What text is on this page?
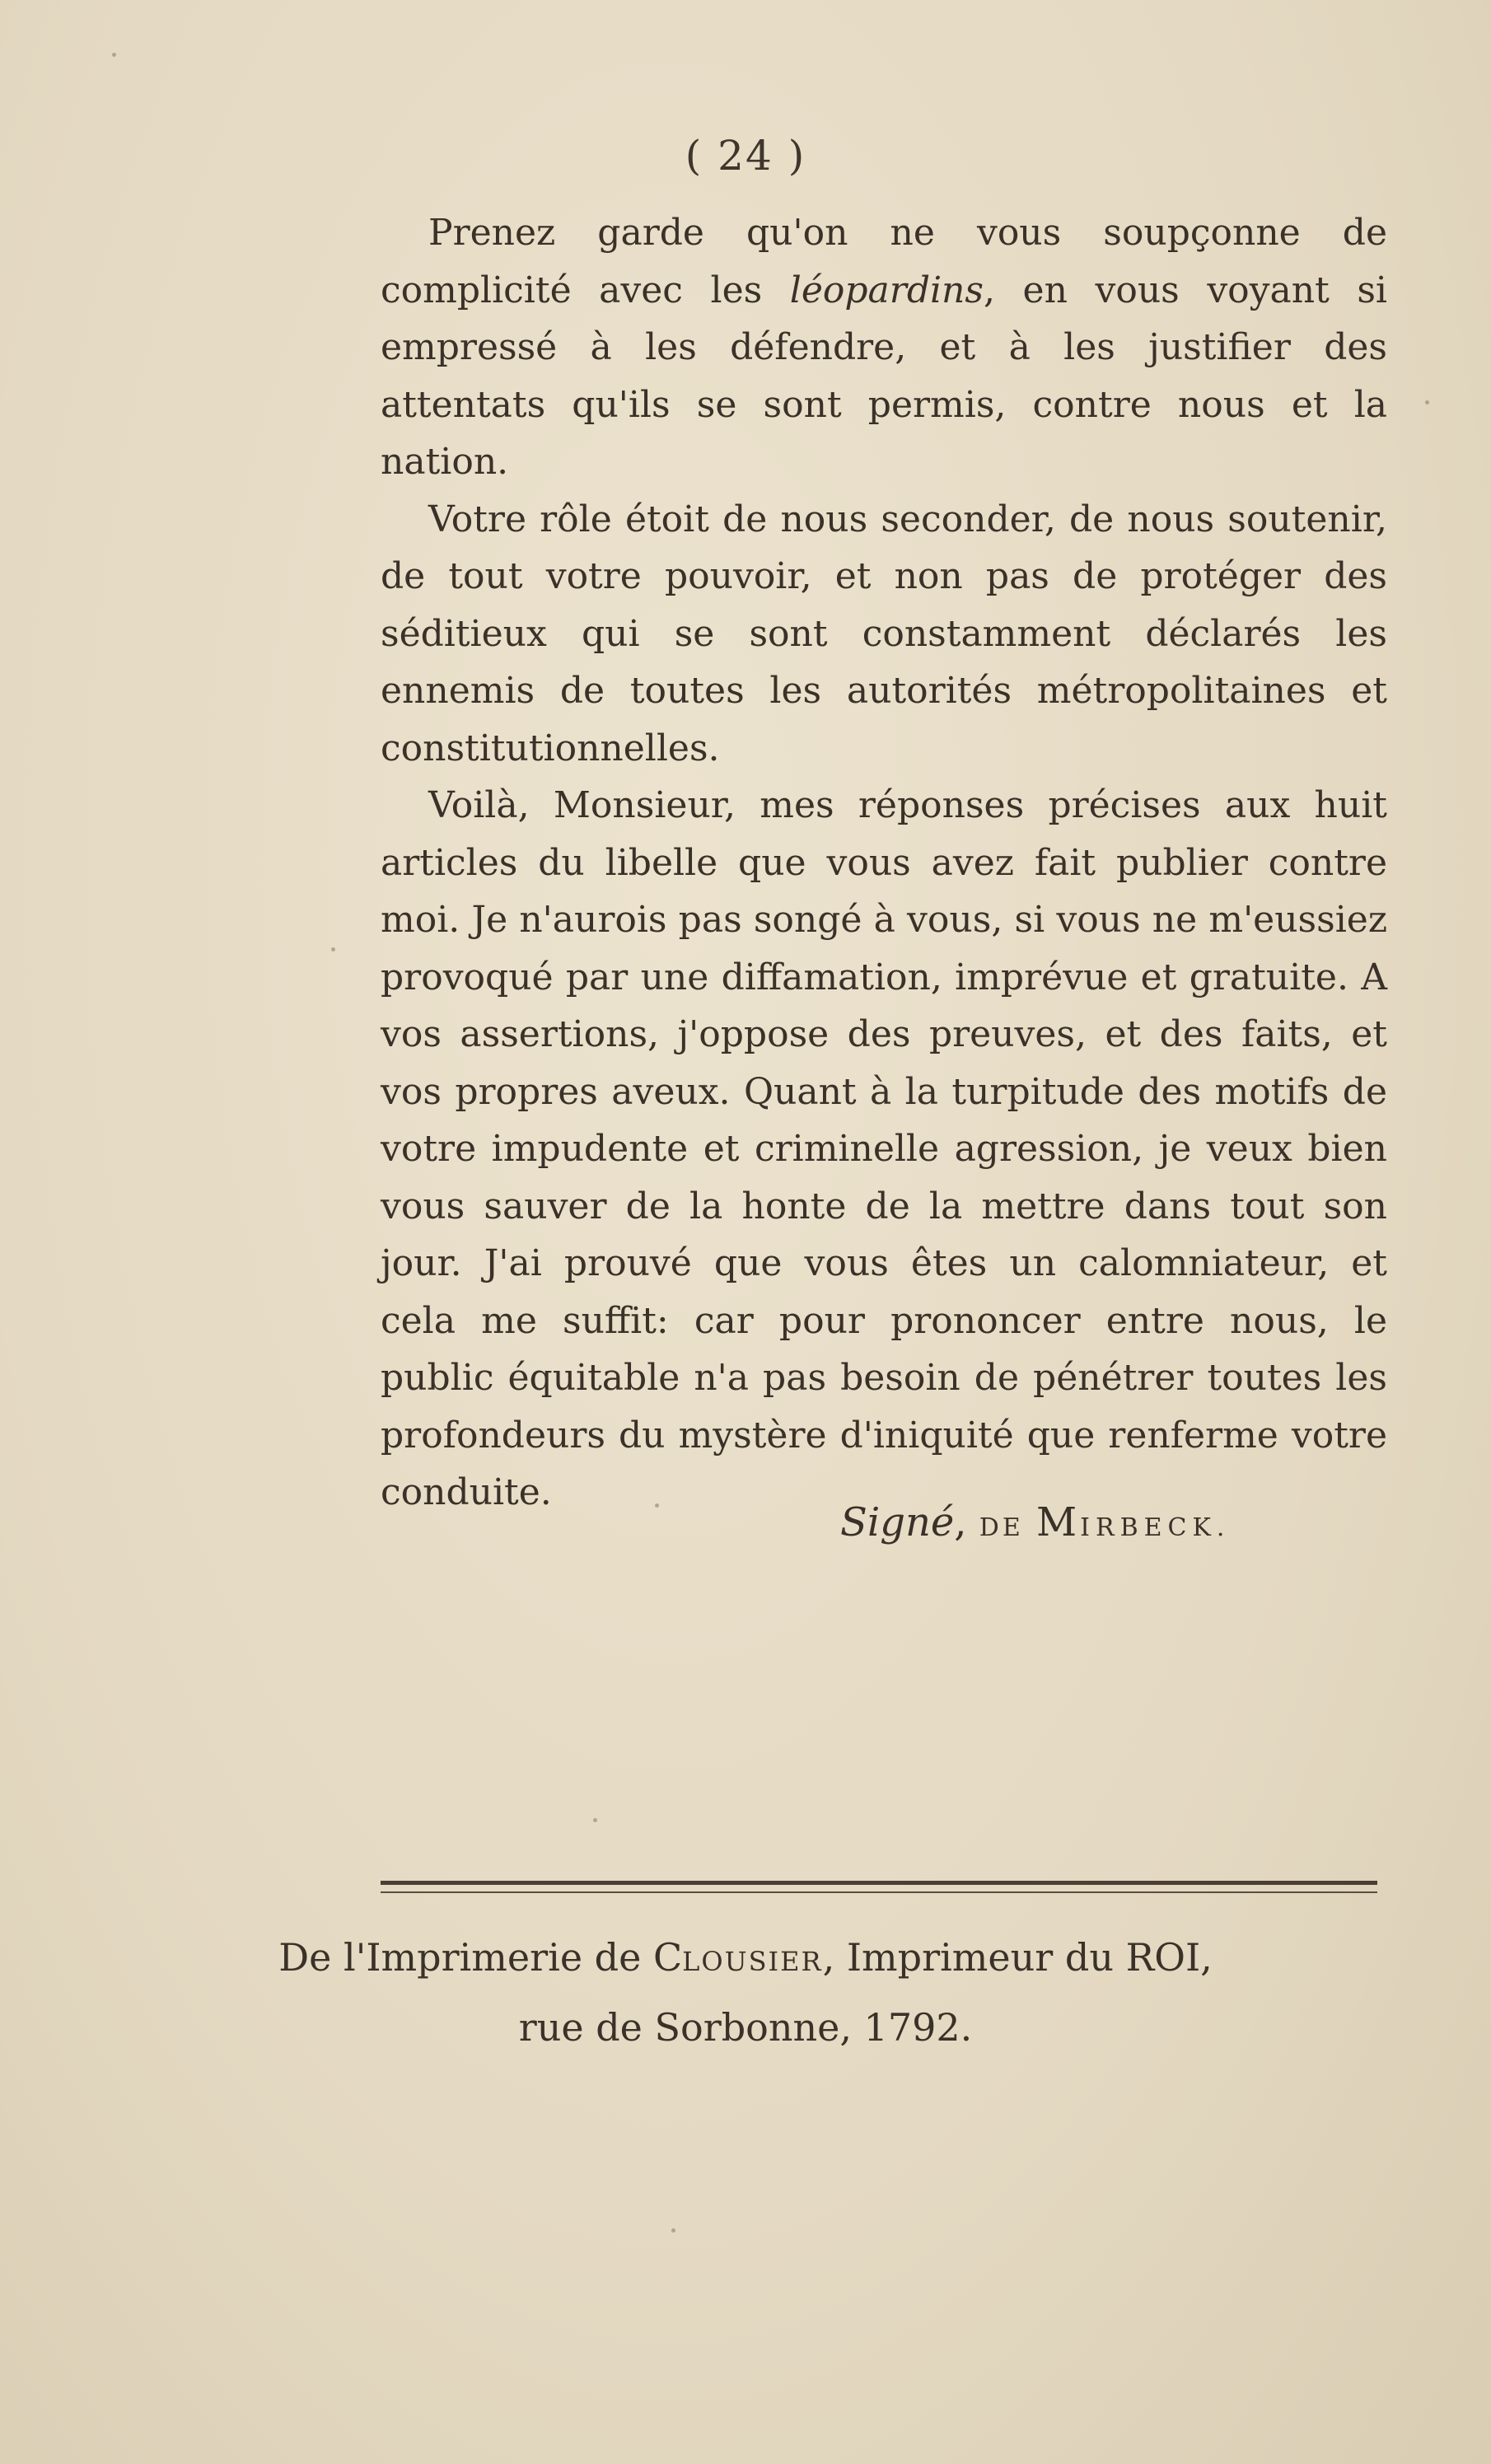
( 24 )

Prenez garde qu'on ne vous soupçonne de complicité avec les léopardins, en vous voyant si empressé à les défendre, et à les justifier des attentats qu'ils se sont permis, contre nous et la nation.

Votre rôle étoit de nous seconder, de nous soutenir, de tout votre pouvoir, et non pas de protéger des séditieux qui se sont constamment déclarés les ennemis de toutes les autorités métropolitaines et constitutionnelles.

Voilà, Monsieur, mes réponses précises aux huit articles du libelle que vous avez fait publier contre moi. Je n'aurois pas songé à vous, si vous ne m'eussiez provoqué par une diffamation, imprévue et gratuite. A vos assertions, j'oppose des preuves, et des faits, et vos propres aveux. Quant à la turpitude des motifs de votre impudente et criminelle agression, je veux bien vous sauver de la honte de la mettre dans tout son jour. J'ai prouvé que vous êtes un calomniateur, et cela me suffit: car pour prononcer entre nous, le public équitable n'a pas besoin de pénétrer toutes les profondeurs du mystère d'iniquité que renferme votre conduite.

Signé, DE MIRBECK.
De l'Imprimerie de CLOUSIER, Imprimeur du ROI,
rue de Sorbonne, 1792.
